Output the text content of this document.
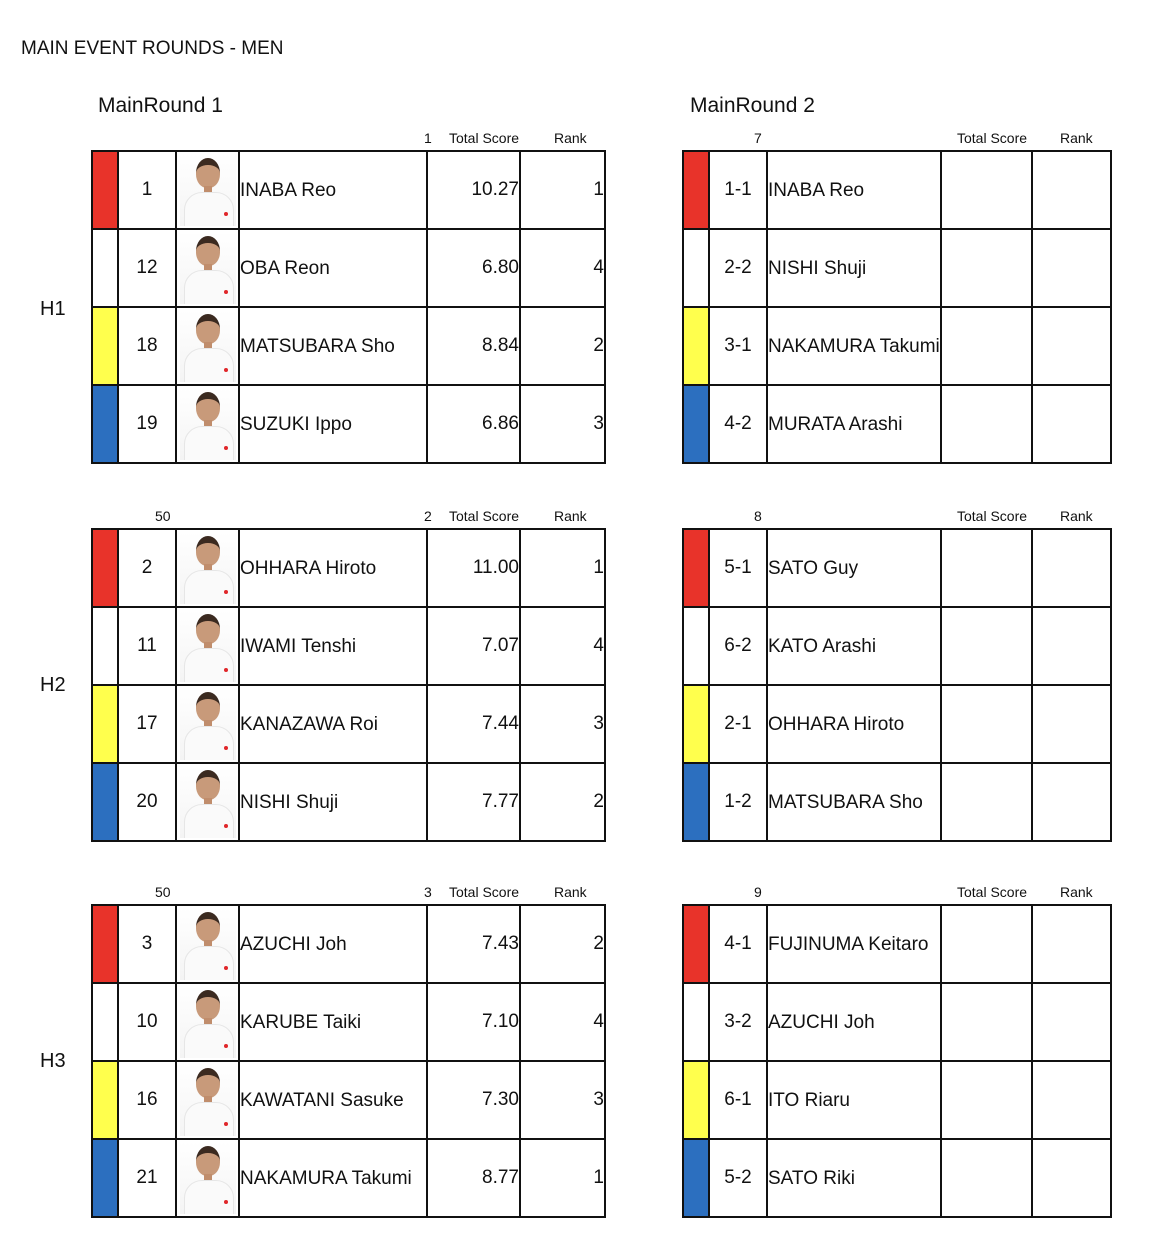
MAIN EVENT ROUNDS - MEN
MainRound 1	MainRound 2
H1
1 Total Score Rank
	1		INABA Reo	10.27	1
	12		OBA Reon	6.80	4
	18		MATSUBARA Sho	8.84	2
	19		SUZUKI Ippo	6.86	3
H2
50	2 Total Score Rank
	2		OHHARA Hiroto	11.00	1
	11		IWAMI Tenshi	7.07	4
	17		KANAZAWA Roi	7.44	3
	20		NISHI Shuji	7.77	2
H3
50	3 Total Score Rank
	3		AZUCHI Joh	7.43	2
	10		KARUBE Taiki	7.10	4
	16		KAWATANI Sasuke	7.30	3
	21		NAKAMURA Takumi	8.77	1
7	Total Score Rank
	1-1	INABA Reo		
	2-2	NISHI Shuji		
	3-1	NAKAMURA Takumi		
	4-2	MURATA Arashi		
8	Total Score Rank
	5-1	SATO Guy		
	6-2	KATO Arashi		
	2-1	OHHARA Hiroto		
	1-2	MATSUBARA Sho		
9	Total Score Rank
	4-1	FUJINUMA Keitaro		
	3-2	AZUCHI Joh		
	6-1	ITO Riaru		
	5-2	SATO Riki		
